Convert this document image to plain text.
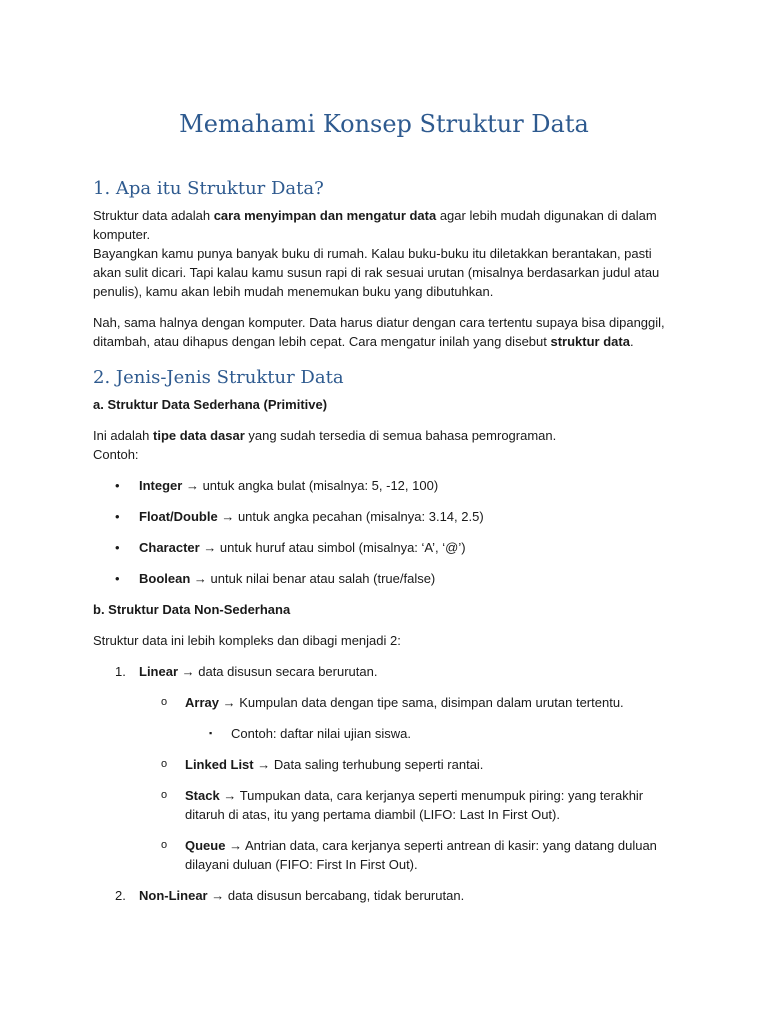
Memahami Konsep Struktur Data
1. Apa itu Struktur Data?

Struktur data adalah cara menyimpan dan mengatur data agar lebih mudah digunakan di dalam komputer.

Bayangkan kamu punya banyak buku di rumah. Kalau buku-buku itu diletakkan berantakan, pasti akan sulit dicari. Tapi kalau kamu susun rapi di rak sesuai urutan (misalnya berdasarkan judul atau penulis), kamu akan lebih mudah menemukan buku yang dibutuhkan.

Nah, sama halnya dengan komputer. Data harus diatur dengan cara tertentu supaya bisa dipanggil, ditambah, atau dihapus dengan lebih cepat. Cara mengatur inilah yang disebut struktur data.

2. Jenis-Jenis Struktur Data

a. Struktur Data Sederhana (Primitive)

Ini adalah tipe data dasar yang sudah tersedia di semua bahasa pemrograman.

Contoh:

• Integer → untuk angka bulat (misalnya: 5, -12, 100)
• Float/Double → untuk angka pecahan (misalnya: 3.14, 2.5)
• Character → untuk huruf atau simbol (misalnya: ‘A’, ‘@’)
• Boolean → untuk nilai benar atau salah (true/false)

b. Struktur Data Non-Sederhana

Struktur data ini lebih kompleks dan dibagi menjadi 2:

1. Linear → data disusun secara berurutan.
o Array → Kumpulan data dengan tipe sama, disimpan dalam urutan tertentu.
▪ Contoh: daftar nilai ujian siswa.
o Linked List → Data saling terhubung seperti rantai.
o Stack → Tumpukan data, cara kerjanya seperti menumpuk piring: yang terakhir ditaruh di atas, itu yang pertama diambil (LIFO: Last In First Out).
o Queue → Antrian data, cara kerjanya seperti antrean di kasir: yang datang duluan dilayani duluan (FIFO: First In First Out).
2. Non-Linear → data disusun bercabang, tidak berurutan.
